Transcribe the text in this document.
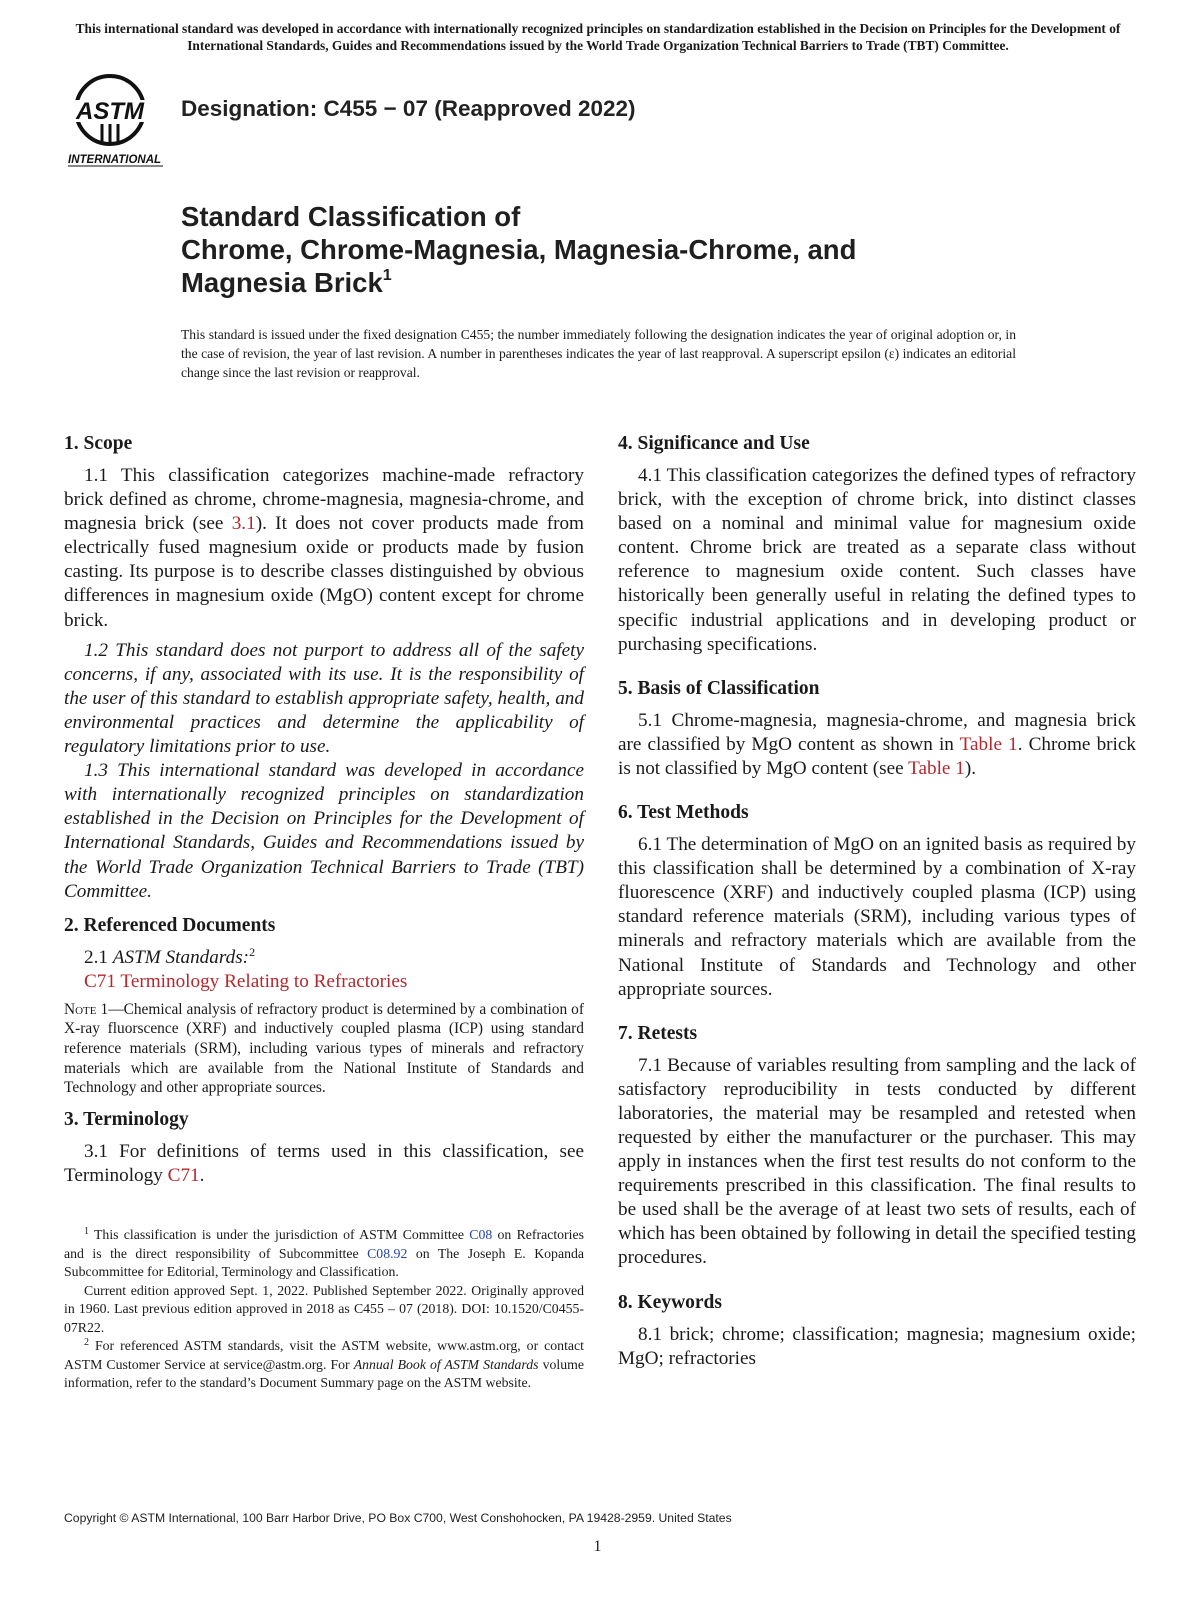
This international standard was developed in accordance with internationally recognized principles on standardization established in the Decision on Principles for the Development of International Standards, Guides and Recommendations issued by the World Trade Organization Technical Barriers to Trade (TBT) Committee.
ASTM
INTERNATIONAL
Designation: C455 − 07 (Reapproved 2022)
Standard Classification of
Chrome, Chrome-Magnesia, Magnesia-Chrome, and
Magnesia Brick$^1$
This standard is issued under the fixed designation C455; the number immediately following the designation indicates the year of original adoption or, in the case of revision, the year of last revision. A number in parentheses indicates the year of last reapproval. A superscript epsilon (ε) indicates an editorial change since the last revision or reapproval.
1. Scope

1.1 This classification categorizes machine-made refractory brick defined as chrome, chrome-magnesia, magnesia-chrome, and magnesia brick (see 3.1). It does not cover products made from electrically fused magnesium oxide or products made by fusion casting. Its purpose is to describe classes distinguished by obvious differences in magnesium oxide (MgO) content except for chrome brick.

1.2 This standard does not purport to address all of the safety concerns, if any, associated with its use. It is the responsibility of the user of this standard to establish appropriate safety, health, and environmental practices and determine the applicability of regulatory limitations prior to use.

1.3 This international standard was developed in accordance with internationally recognized principles on standardization established in the Decision on Principles for the Development of International Standards, Guides and Recommendations issued by the World Trade Organization Technical Barriers to Trade (TBT) Committee.

2. Referenced Documents

2.1 ASTM Standards:$^2$

C71 Terminology Relating to Refractories

Note 1—Chemical analysis of refractory product is determined by a combination of X-ray fluorscence (XRF) and inductively coupled plasma (ICP) using standard reference materials (SRM), including various types of minerals and refractory materials which are available from the National Institute of Standards and Technology and other appropriate sources.

3. Terminology

3.1 For definitions of terms used in this classification, see Terminology C71.

4. Significance and Use

4.1 This classification categorizes the defined types of refractory brick, with the exception of chrome brick, into distinct classes based on a nominal and minimal value for magnesium oxide content. Chrome brick are treated as a separate class without reference to magnesium oxide content. Such classes have historically been generally useful in relating the defined types to specific industrial applications and in developing product or purchasing specifications.

5. Basis of Classification

5.1 Chrome-magnesia, magnesia-chrome, and magnesia brick are classified by MgO content as shown in Table 1. Chrome brick is not classified by MgO content (see Table 1).

6. Test Methods

6.1 The determination of MgO on an ignited basis as required by this classification shall be determined by a combination of X-ray fluorescence (XRF) and inductively coupled plasma (ICP) using standard reference materials (SRM), including various types of minerals and refractory materials which are available from the National Institute of Standards and Technology and other appropriate sources.

7. Retests

7.1 Because of variables resulting from sampling and the lack of satisfactory reproducibility in tests conducted by different laboratories, the material may be resampled and retested when requested by either the manufacturer or the purchaser. This may apply in instances when the first test results do not conform to the requirements prescribed in this classification. The final results to be used shall be the average of at least two sets of results, each of which has been obtained by following in detail the specified testing procedures.

8. Keywords

8.1 brick; chrome; classification; magnesia; magnesium oxide; MgO; refractories

$^1$ This classification is under the jurisdiction of ASTM Committee C08 on Refractories and is the direct responsibility of Subcommittee C08.92 on The Joseph E. Kopanda Subcommittee for Editorial, Terminology and Classification.

Current edition approved Sept. 1, 2022. Published September 2022. Originally approved in 1960. Last previous edition approved in 2018 as C455 – 07 (2018). DOI: 10.1520/C0455-07R22.

$^2$ For referenced ASTM standards, visit the ASTM website, www.astm.org, or contact ASTM Customer Service at service@astm.org. For Annual Book of ASTM Standards volume information, refer to the standard’s Document Summary page on the ASTM website.

Copyright © ASTM International, 100 Barr Harbor Drive, PO Box C700, West Conshohocken, PA 19428-2959. United States
1
